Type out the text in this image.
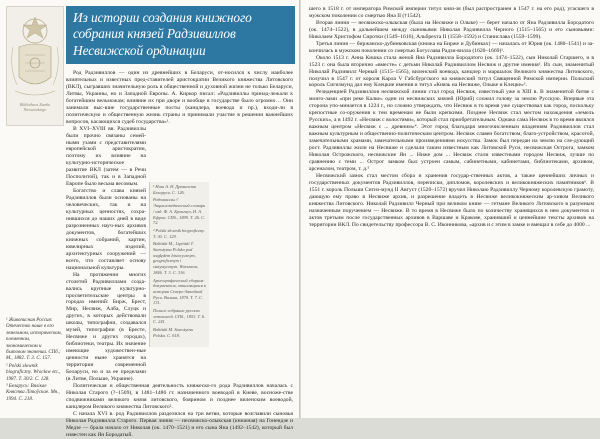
Bibliotheca Zamku Nieswiezkiego
Из истории создания книжного собрания князей Радзивиллов Несвижской ординации

Род Радзивиллов — один из древнейших в Беларуси, от-носился к числу наиболее влиятельных и известных пред-ставителей аристократии Великого княжества Литовского (ВКЛ), сыгравших значительную роль в общественной и духовной жизни не только Беларуси, Литвы, Украины, но и Западной Европы. А. Киркор писал: «Радзивиллы принад-лежали к богатейшим вельможам; влияние их при дворе и вообще в государстве было огромно… Они занимали выс-шие государственные посты (канцлера, воевода и пр.), входи-ли в политическую и общественную жизнь страны и принимали участие в решении важнейших вопросов, касающихся судеб государства»¹.

В XVI–XVIII вв. Радзивиллы были прочно связаны семей-ными узами с представителями европейской аристократии, поэтому их влияние на культурно-историческое развитие ВКЛ (затем — в Речи Посполитой), так и в Западной Европе было весьма весомым.

Богатство и слава князей Радзивиллов были основаны на человеческих, так и на культурных ценностях, сохра-нившихся до наших дней в виде разрозненных науч-ных архивов документов, богатейших книжных собраний, картин, ювелирных изделий, архитектурных сооружений — всего, что составляет основу национальной культуры.

На протяжении многих столетий Радзивиллами созда-вались крупные культурно-просветительские центры в городах имений: Бирж, Брест, Мир, Несвиж, Алба, Слуцк и других, в которых действовали школы, типографии, создавался музей, типографии (в Бресте, Несвиже и других городах), библиотеки, театры. Их значение имеющие художествен-ные ценности ныне хранятся на территории современной Беларуси, но и за ее пределами (в Литве, Польше, Украине).

Политическая и общественная деятельность княжеско-го рода Радзивиллов началась с Николая Старого (?–1509), в 1481–1486 гг. назначенного воеводой в Киеве, восноже-стве сподвижниками великого князя литовского, боярином и позднее виленским воеводой, канцлером Великого княжества Литовского².

С начала XVI в. род Радзивиллов разделился на три ветви, которые возглавили сыновья Николая Радзивилла Старого. Первая линия — несвижско-олыкская (книжная) на Гонендзе и Медзе — брала начало от Николая (ок. 1470–1521) и его сына Яна (1492–1542), который был известен как Ян Бородатый.

¹ Наш А. Н. Древности Беларуси. С. 126.

Радзивиллы // Энциклопедический словарь / изд. Ф. А. Брокгауз, И. А. Ефрон. СПб., 1899. Т. 26. С. 72.

² Polski słownik biograficzny. Т. 30. С. 129.

Baliński M., Lipiński T. Starożytna Polska pod względem historycznym, geograficznym i statystycznym. Warszawa, 1846. Т. 3. С. 316.

Археографический сборник документов, относящихся к истории Северо-Западной Руси. Вильна, 1870. Т. 7. С. 131.

Полное собрание русских летописей. СПб., 1853. Т. 6. С. 241.

Baliński M. Starożytna Polska. С. 618.

¹ Живописная Россия: Отечество наше в его земельном, историческом, племенном, экономическом и бытовом значении. СПб.; М., 1882. Т. 3. С. 157.

² Polski słownik biograficzny. Wrocław etc., 1987. Т. 30/2. С. 128.

³ Беларусь: Вялікае Княства Літоўскае. Мн., 1994. С. 218.

шего в 1518 г. от императора Римской империи титул княз-зя (был распространен в 1547 г. на его род), угасшего в мужском поколении со смертью Яна II (†1542).

Вторая линия — несвижско-олыкская (была на Несвиже и Олыке) — берет начало от Яна Радзивилла Бородатого (ок. 1474–1522), в дальнейшем между сыновьями Николая Радзивилла Черного (1515–1565) и его сыновьями: Николаем Христофом Сиротки (1549–1616), Альбрехта II (1558–1592) и Станислава (1559–1599).

Третья линия — биржанско-дубинковская (книжа на Бирже и Дубинках) — началась от Юрия (ок. 1480–1541) и за-кончилась в мужском поколении со смертью Богуслава Радзи-вилла (1620–1669)¹.

Около 1513 г. Анна Кишка стала женой Яна Радзивилла Бородатого (ок. 1474–1522), сын Николай Старшего, и в 1523 г. она была вторично «вместе» с детьми Николай Радзивиллом Несвиж и другие имения². Их сын, знаменитый Николай Радзивилл Черный (1515–1565), виленский воевода, канцлер и маршалок Великого княжества Литовского, получил в 1547 г. от короля Карла V Габсбургского на княжеский титул Священной Римской империи. Польский король Сигизмунд дал ему Клецкие имения и титул «Князь на Несвиже, Олыке и Клецке»³.

Резиденцией Радзивиллов несвижской линии стал город Несвиж, известный уже в XIII в. В знаменитой битве с монго-лами «при реке Калке» один из несвижских князей (Юрий) сложил голову за землю Русскую. Впервые эта сторона упо-минается в 1224 г., но сложно утверждать, что Несвиж в то время уже существовал как город, поскольку крепостные со-оружения к тем временам не были крепкими. Позднее Несвиж стал местом нахождения «земель Русских», а в 1492 г. «Несвиж с волостями», который стал приобретательным. Однако сама Несвиж в то время являлся важным центром «Несвиж с ... древним»⁴. Этот город благодаря многочисленным владениям Радзивиллов стал важным культурным и общественно-политическим центром. Несвиж славен богатством, благо-устройством, красотой, замечательными храмами, замечательными произведениями искусства. Замок был передан на землю на сле-дующий рост. Радзивиллы жили на Несвиже и сделали таким известным как Литовской Руси, несвижская Острога, замком Николая Острожского, несвижские Ян ... Ниже дом ... Несвиж стали известными городом Несвиж, лучше по сравнению с теми ... Острог замком был устроен самым, сабинетными, кабинетами, библиотеками, архивом, арсеналом, театром, т. д.⁵

Несвижский замок стал местом сбора и хранения государ-ственных актов, а также ценнейших личных и государственных документов Радзивиллов, переписки, дипломов, королевских и великокняжеских памятников⁶. В 1551 г. король Польши Сигиз-мунд II Август (1520–1572) вручил Николаю Радзивиллу Черному королевскую грамоту, дающую ему право в Несвиже архив, и разрешение владеть в Несвиже великокняжеским ар-хивом Великого княжества Литовского. Николай Радзивилл Черный при великом князе — гетмане Великого Литовского в разумным назначенным поручением — Несвиже. В то время в Несвиже было по количеству хранящихся в нем документов и актов третьим после государственных архивов в Варшаве и Кракове, хранивший и ценнейшие тексты архивов на территории ВКЛ. По свидетельству профессора В. С. Иконникова, «архив и с этим в замке и вмещал в себе до 4000 ...
